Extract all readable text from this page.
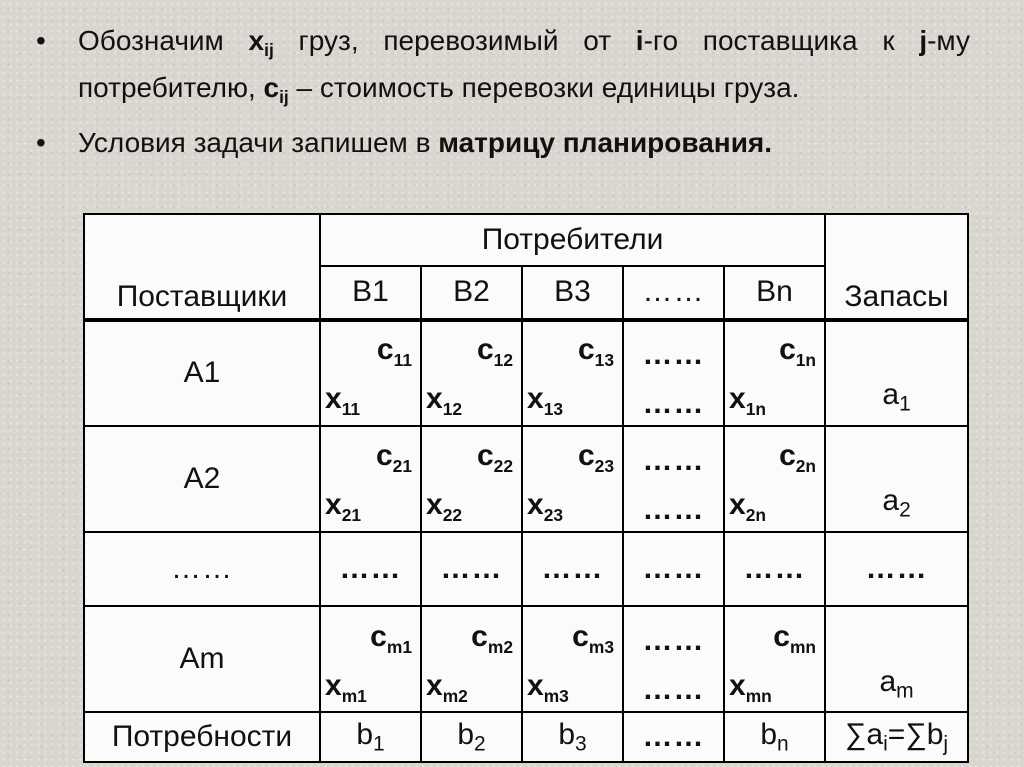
• Обозначим $x_{ij}$ груз, перевозимый от i-го поставщика к j-му потребителю, $c_{ij}$ – стоимость перевозки единицы груза.
• Условия задачи запишем в матрицу планирования.
Поставщики	Потребители					Запасы
	B1	B2	B3	……	Bn	
A1	$c_{11}$	$c_{12}$	$c_{13}$	……	$c_{1n}$	$a_1$
	$x_{11}$	$x_{12}$	$x_{13}$	……	$x_{1n}$
A2	$c_{21}$	$c_{22}$	$c_{23}$	……	$c_{2n}$	$a_2$
	$x_{21}$	$x_{22}$	$x_{23}$	……	$x_{2n}$
……	……	……	……	……	……	……
Am	$c_{m1}$	$c_{m2}$	$c_{m3}$	……	$c_{mn}$	$a_m$
	$x_{m1}$	$x_{m2}$	$x_{m3}$	……	$x_{mn}$
Потребности	$b_1$	$b_2$	$b_3$	……	$b_n$	$\sum a_i=\sum b_j$
